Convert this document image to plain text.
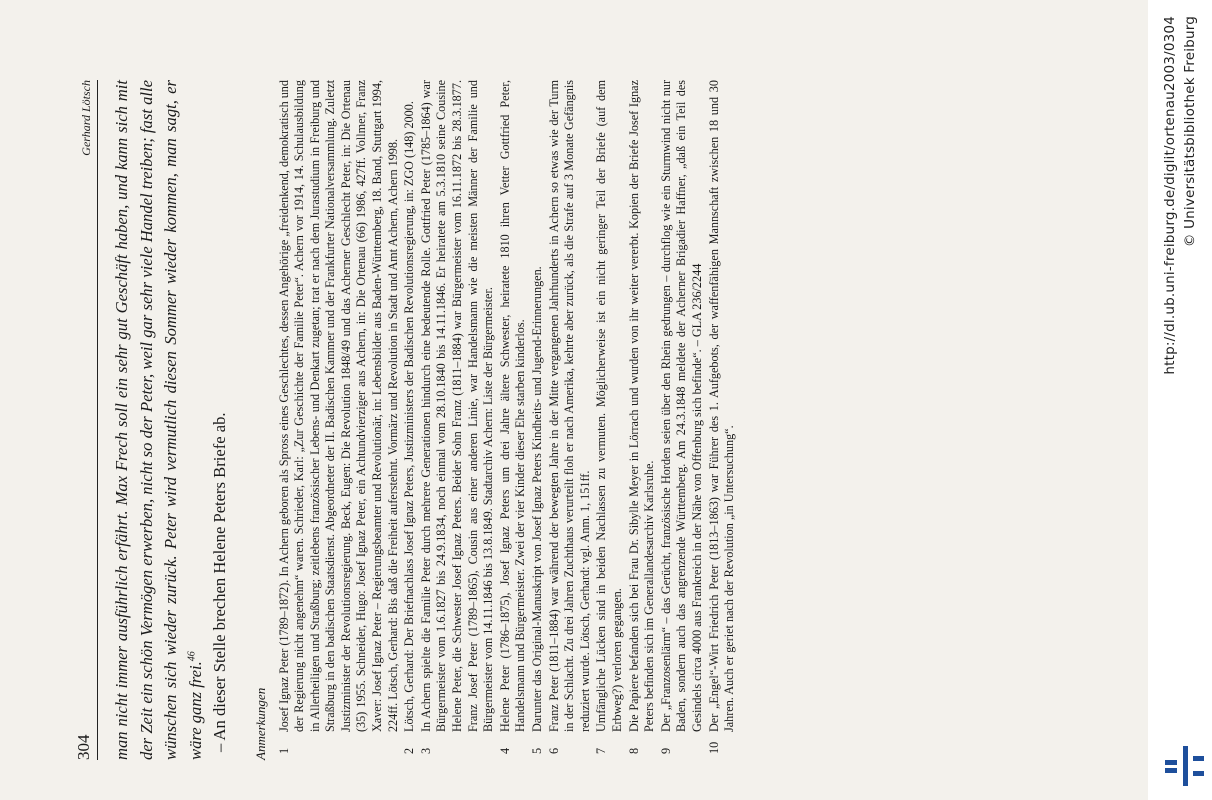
304
Gerhard Lötsch man nicht immer ausführlich erfährt. Max Frech soll ein sehr gut Geschäft haben, und kann sich mit der Zeit ein schön Vermögen erwerben, nicht so der Peter, weil gar sehr viele Handel treiben; fast alle wünschen sich wieder zurück. Peter wird vermutlich diesen Sommer wieder kommen, man sagt, er wäre ganz frei.$^{46}$ – An dieser Stelle brechen Helene Peters Briefe ab. Anmerkungen 1
Josef Ignaz Peter (1789–1872). In Achern geboren als Spross eines Geschlechtes, dessen Angehörige „freidenkend, demokratisch und der Regierung nicht angenehm“ waren. Schrieder, Karl: „Zur Geschichte der Familie Peter“. Achern vor 1914, 14. Schulausbildung in Allerheiligen und Straßburg; zeitlebens französischer Lebens- und Denkart zugetan; trat er nach dem Jurastudium in Freiburg und Straßburg in den badischen Staatsdienst. Abgeordneter der II. Badischen Kammer und der Frankfurter Nationalversammlung. Zuletzt Justizminister der Revolutionsregierung. Beck, Eugen: Die Revolution 1848/49 und das Acherner Geschlecht Peter, in: Die Ortenau (35) 1955. Schneider, Hugo: Josef Ignaz Peter, ein Achtundvierziger aus Achern, in: Die Ortenau (66) 1986, 427ff. Vollmer, Franz Xaver: Josef Ignaz Peter – Regierungsbeamter und Revolutionär, in: Lebensbilder aus Baden-Württemberg, 18. Band, Stuttgart 1994, 224ff. Lötsch, Gerhard: Bis daß die Freiheit auferstehnt. Vormärz und Revolution in Stadt und Amt Achern, Achern 1998.
2
Lötsch, Gerhard: Der Briefnachlass Josef Ignaz Peters, Justizministers der Badischen Revolutionsregierung, in: ZGO (148) 2000.
3
In Achern spielte die Familie Peter durch mehrere Generationen hindurch eine bedeutende Rolle. Gottfried Peter (1785–1864) war Bürgermeister vom 1.6.1827 bis 24.9.1834, noch einmal vom 28.10.1840 bis 14.11.1846. Er heiratete am 5.3.1810 seine Cousine Helene Peter, die Schwester Josef Ignaz Peters. Beider Sohn Franz (1811–1884) war Bürgermeister vom 16.11.1872 bis 28.3.1877. Franz Josef Peter (1789–1865), Cousin aus einer anderen Linie, war Handelsmann wie die meisten Männer der Familie und Bürgermeister vom 14.11.1846 bis 13.8.1849. Stadtarchiv Achern: Liste der Bürgermeister.
4
Helene Peter (1786–1875), Josef Ignaz Peters um drei Jahre ältere Schwester, heiratete 1810 ihren Vetter Gottfried Peter, Handelsmann und Bürgermeister. Zwei der vier Kinder dieser Ehe starben kinderlos.
5
Darunter das Original-Manuskript von Josef Ignaz Peters Kindheits- und Jugend-Erinnerungen.
6
Franz Peter (1811–1884) war während der bewegten Jahre in der Mitte vergangenen Jahrhunderts in Achern so etwas wie der Turm in der Schlacht. Zu drei Jahren Zuchthaus verurteilt floh er nach Amerika, kehrte aber zurück, als die Strafe auf 3 Monate Gefängnis reduziert wurde. Lötsch, Gerhard: vgl. Anm. 1, 151ff.
7
Umfängliche Lücken sind in beiden Nachlassen zu vermuten. Möglicherweise ist ein nicht geringer Teil der Briefe (auf dem Erbweg?) verloren gegangen.
8
Die Papiere befanden sich bei Frau Dr. Sibylle Meyer in Lörrach und wurden von ihr weiter vererbt. Kopien der Briefe Josef Ignaz Peters befinden sich im Generallandesarchiv Karlsruhe.
9
Der „Franzosenlärm“ – das Gerücht, französische Horden seien über den Rhein gedrungen – durchflog wie ein Sturmwind nicht nur Baden, sondern auch das angrenzende Württemberg. Am 24.3.1848 meldete der Acherner Brigadier Haffner, „daß ein Teil des Gesindels circa 4000 aus Frankreich in der Nähe von Offenburg sich befinde“. – GLA 236/2244
10
Der „Engel“-Wirt Friedrich Peter (1813–1863) war Führer des 1. Aufgebots, der waffenfähigen Mannschaft zwischen 18 und 30 Jahren. Auch er geriet nach der Revolution „in Untersuchung“.
http://dl.ub.uni-freiburg.de/diglit/ortenau2003/0304 © Universitätsbibliothek Freiburg
